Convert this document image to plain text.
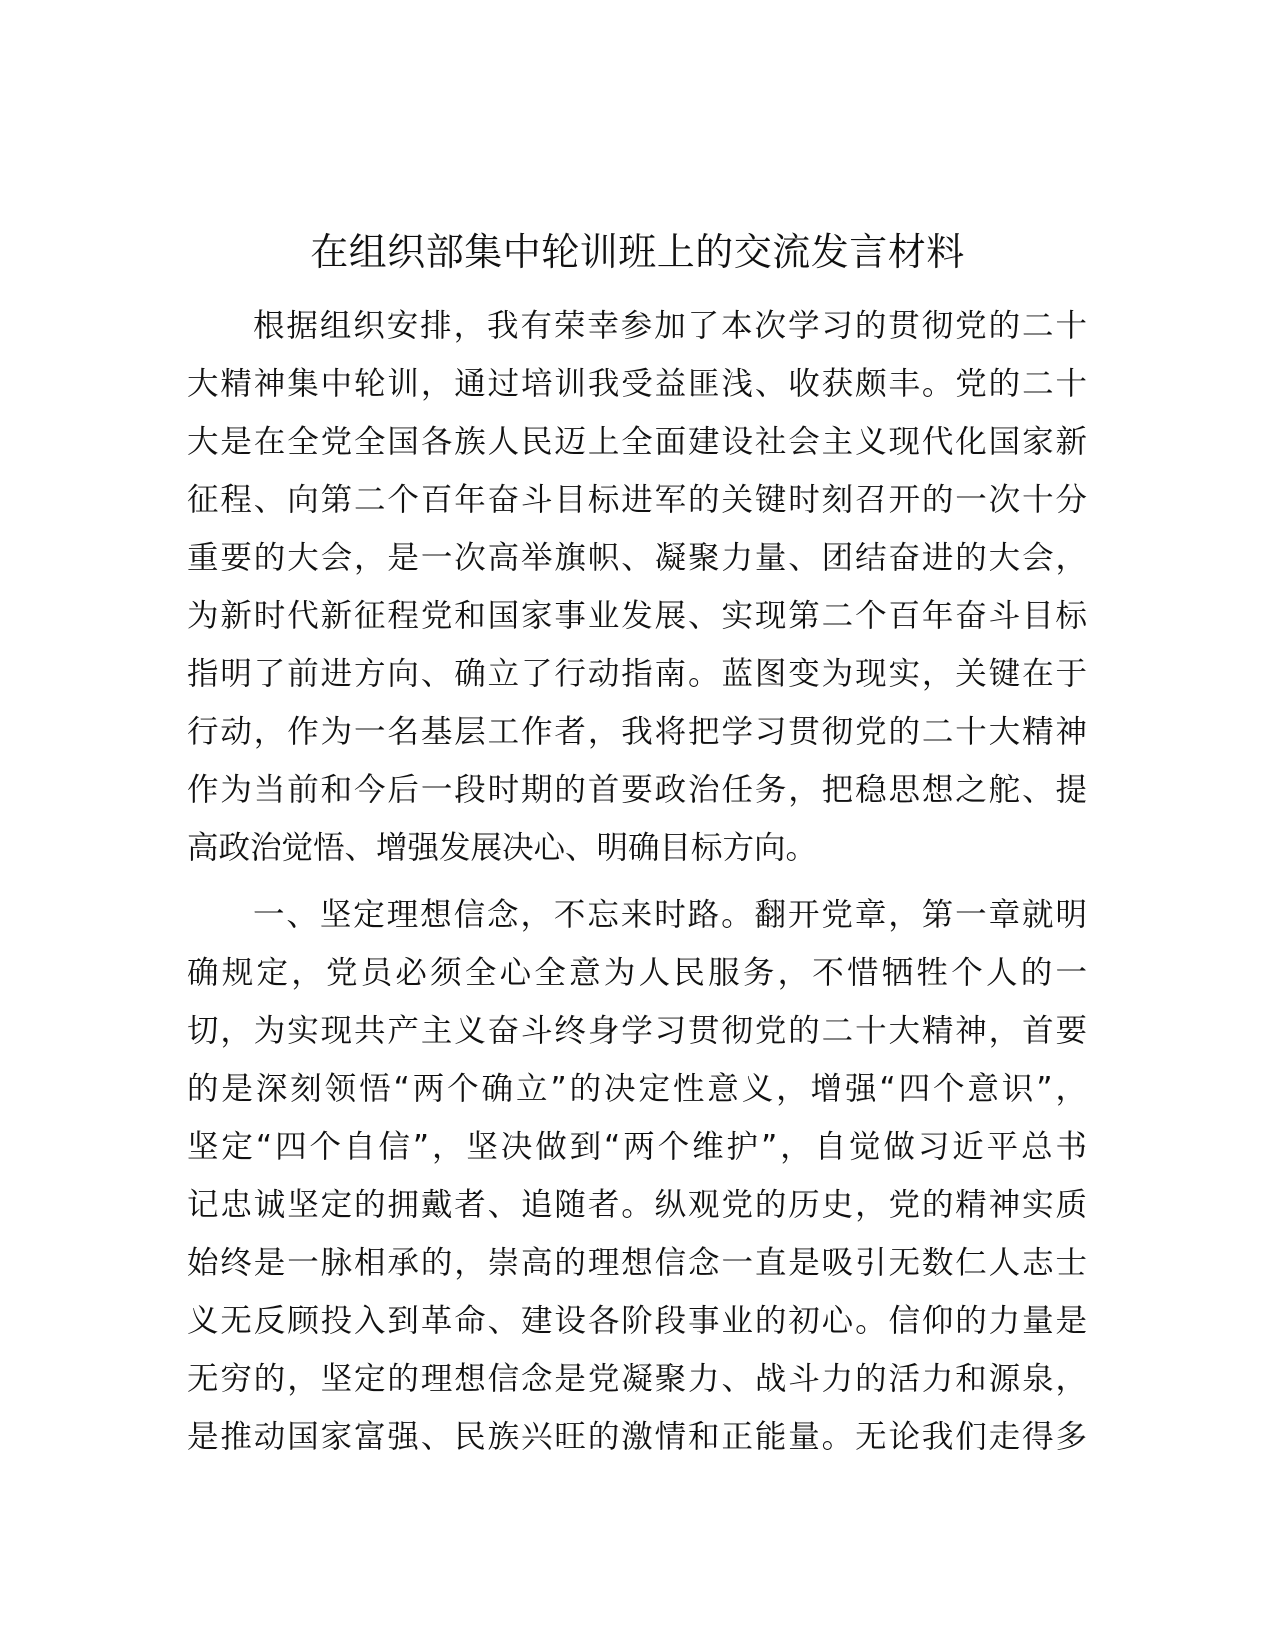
在组织部集中轮训班上的交流发言材料
根据组织安排，我有荣幸参加了本次学习的贯彻党的二十
大精神集中轮训，通过培训我受益匪浅、收获颇丰。党的二十
大是在全党全国各族人民迈上全面建设社会主义现代化国家新
征程、向第二个百年奋斗目标进军的关键时刻召开的一次十分
重要的大会，是一次高举旗帜、凝聚力量、团结奋进的大会，
为新时代新征程党和国家事业发展、实现第二个百年奋斗目标
指明了前进方向、确立了行动指南。蓝图变为现实，关键在于
行动，作为一名基层工作者，我将把学习贯彻党的二十大精神
作为当前和今后一段时期的首要政治任务，把稳思想之舵、提
高政治觉悟、增强发展决心、明确目标方向。
一、坚定理想信念，不忘来时路。翻开党章，第一章就明
确规定，党员必须全心全意为人民服务，不惜牺牲个人的一
切，为实现共产主义奋斗终身学习贯彻党的二十大精神，首要
的是深刻领悟“两个确立”的决定性意义，增强“四个意识”，
坚定“四个自信”，坚决做到“两个维护”，自觉做习近平总书
记忠诚坚定的拥戴者、追随者。纵观党的历史，党的精神实质
始终是一脉相承的，崇高的理想信念一直是吸引无数仁人志士
义无反顾投入到革命、建设各阶段事业的初心。信仰的力量是
无穷的，坚定的理想信念是党凝聚力、战斗力的活力和源泉，
是推动国家富强、民族兴旺的激情和正能量。无论我们走得多
